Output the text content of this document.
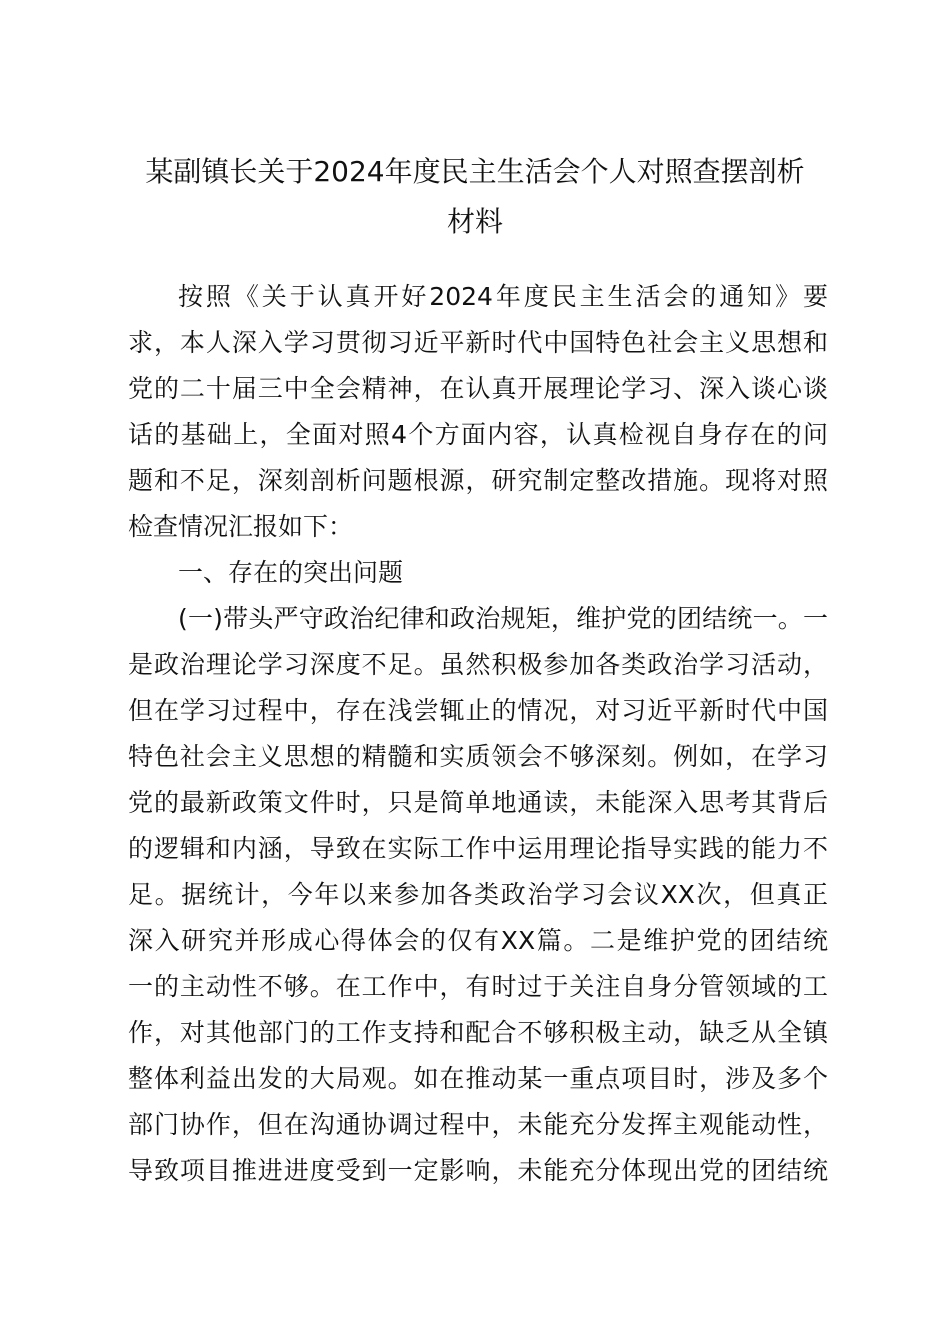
某副镇长关于2024年度民主生活会个人对照查摆剖析
材料
按照《关于认真开好2024年度民主生活会的通知》要
求，本人深入学习贯彻习近平新时代中国特色社会主义思想和
党的二十届三中全会精神，在认真开展理论学习、深入谈心谈
话的基础上，全面对照4个方面内容，认真检视自身存在的问
题和不足，深刻剖析问题根源，研究制定整改措施。现将对照
检查情况汇报如下：
一、存在的突出问题
(一)带头严守政治纪律和政治规矩，维护党的团结统一。一
是政治理论学习深度不足。虽然积极参加各类政治学习活动，
但在学习过程中，存在浅尝辄止的情况，对习近平新时代中国
特色社会主义思想的精髓和实质领会不够深刻。例如，在学习
党的最新政策文件时，只是简单地通读，未能深入思考其背后
的逻辑和内涵，导致在实际工作中运用理论指导实践的能力不
足。据统计，今年以来参加各类政治学习会议XX次，但真正
深入研究并形成心得体会的仅有XX篇。二是维护党的团结统
一的主动性不够。在工作中，有时过于关注自身分管领域的工
作，对其他部门的工作支持和配合不够积极主动，缺乏从全镇
整体利益出发的大局观。如在推动某一重点项目时，涉及多个
部门协作，但在沟通协调过程中，未能充分发挥主观能动性，
导致项目推进进度受到一定影响，未能充分体现出党的团结统
